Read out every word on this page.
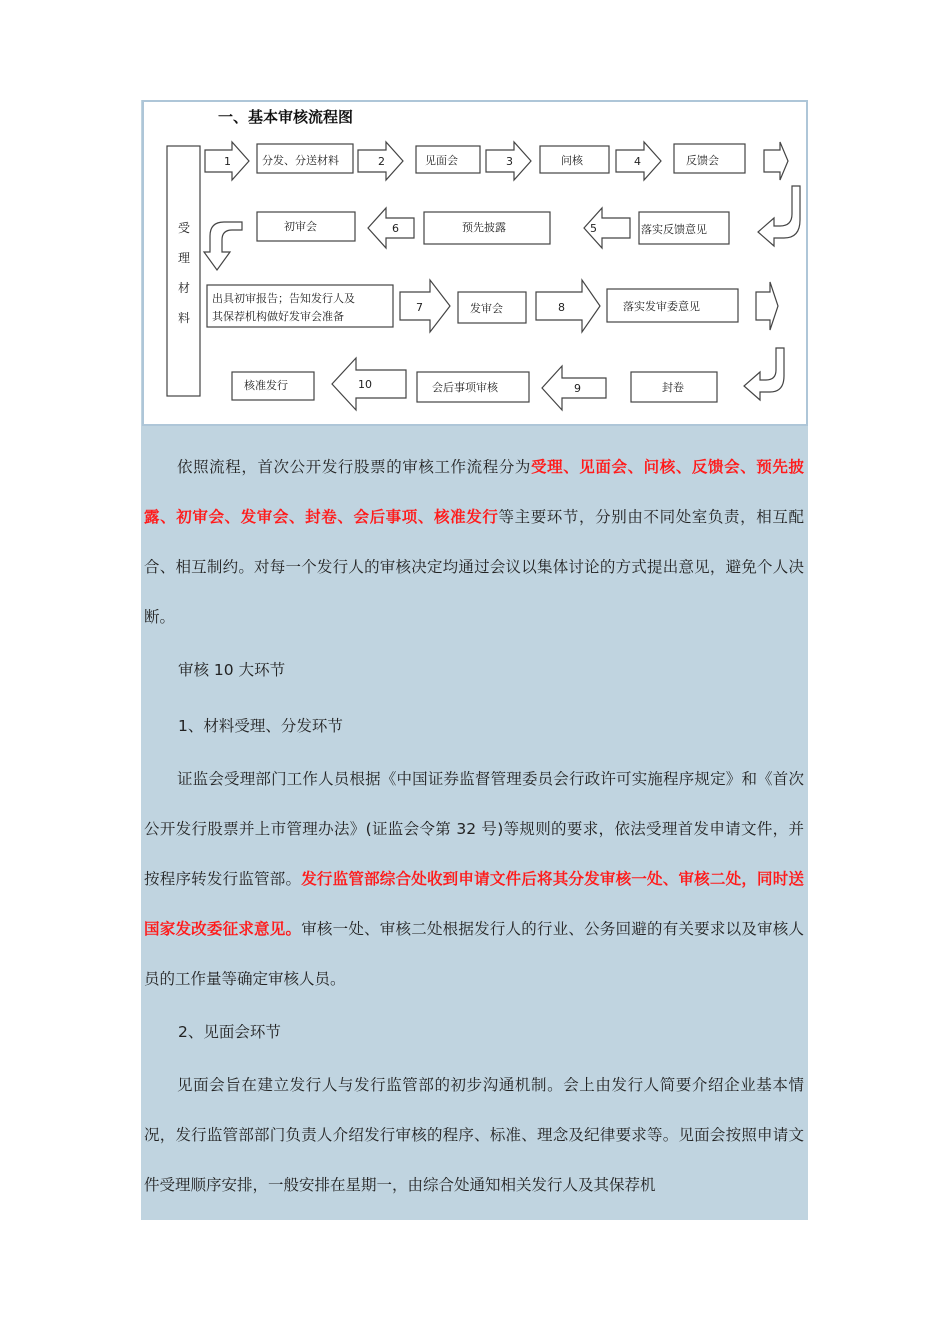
一、基本审核流程图
受
理
材
料
1	分发、分送材料	2	见面会	3	问核	4	反馈会
落实反馈意见
5
预先披露
6
初审会
出具初审报告；告知发行人及
其保荐机构做好发审会准备
7	发审会	8	落实发审委意见
封卷
9
会后事项审核
10
核准发行

依照流程，首次公开发行股票的审核工作流程分为受理、见面会、问核、反馈会、预先披露、初审会、发审会、封卷、会后事项、核准发行等主要环节，分别由不同处室负责，相互配合、相互制约。对每一个发行人的审核决定均通过会议以集体讨论的方式提出意见，避免个人决断。

审核 10 大环节

1、材料受理、分发环节

证监会受理部门工作人员根据《中国证券监督管理委员会行政许可实施程序规定》和《首次公开发行股票并上市管理办法》(证监会令第 32 号)等规则的要求，依法受理首发申请文件，并按程序转发行监管部。发行监管部综合处收到申请文件后将其分发审核一处、审核二处，同时送国家发改委征求意见。审核一处、审核二处根据发行人的行业、公务回避的有关要求以及审核人员的工作量等确定审核人员。

2、见面会环节

见面会旨在建立发行人与发行监管部的初步沟通机制。会上由发行人简要介绍企业基本情况，发行监管部部门负责人介绍发行审核的程序、标准、理念及纪律要求等。见面会按照申请文件受理顺序安排，一般安排在星期一，由综合处通知相关发行人及其保荐机
